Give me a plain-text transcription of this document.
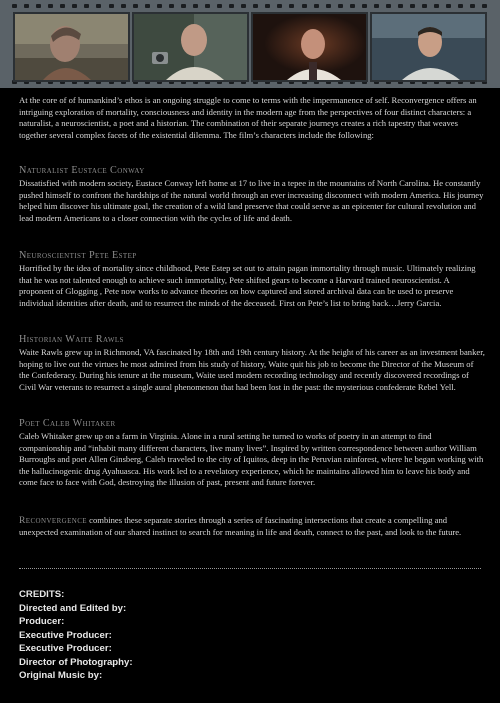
At the core of of humankind’s ethos is an ongoing struggle to come to terms with the impermanence of self. Reconvergence offers an intriguing exploration of mortality, consciousness and identity in the modern age from the perspectives of four distinct characters: a naturalist, a neuroscientist, a poet and a historian. The combination of their separate journeys creates a rich tapestry that weaves together several complex facets of the existential dilemma. The film’s characters include the following:

Naturalist Eustace Conway

Dissatisfied with modern society, Eustace Conway left home at 17 to live in a tepee in the mountains of North Carolina. He constantly pushed himself to confront the hardships of the natural world through an ever increasing disconnect with modern America. His journey helped him discover his ultimate goal, the creation of a wild land preserve that could serve as an epicenter for cultural revolution and lead modern Americans to a closer connection with the cycles of life and death.

Neuroscientist Pete Estep

Horrified by the idea of mortality since childhood, Pete Estep set out to attain pagan immortality through music. Ultimately realizing that he was not talented enough to achieve such immortality, Pete shifted gears to become a Harvard trained neuroscientist. A proponent of Glogging , Pete now works to advance theories on how captured and stored archival data can be used to preserve individual identities after death, and to resurrect the minds of the deceased. First on Pete’s list to bring back…Jerry Garcia.

Historian Waite Rawls

Waite Rawls grew up in Richmond, VA fascinated by 18th and 19th century history. At the height of his career as an investment banker, hoping to live out the virtues he most admired from his study of history, Waite quit his job to become the Director of the Museum of the Confederacy. During his tenure at the museum, Waite used modern recording technology and recently discovered recordings of Civil War veterans to resurrect a single aural phenomenon that had been lost in the past: the mysterious confederate Rebel Yell.

Poet Caleb Whitaker

Caleb Whitaker grew up on a farm in Virginia. Alone in a rural setting he turned to works of poetry in an attempt to find companionship and “inhabit many different characters, live many lives”. Inspired by written correspondence between author William Burroughs and poet Allen Ginsberg, Caleb traveled to the city of Iquitos, deep in the Peruvian rainforest, where he began working with the hallucinogenic drug Ayahuasca. His work led to a revelatory experience, which he maintains allowed him to leave his body and come face to face with God, destroying the illusion of past, present and future forever.

Reconvergence combines these separate stories through a series of fascinating intersections that create a compelling and unexpected examination of our shared instinct to search for meaning in life and death, connect to the past, and look to the future.

CREDITS:
Directed and Edited by:
Producer:
Executive Producer:
Executive Producer:
Director of Photography:
Original Music by:
